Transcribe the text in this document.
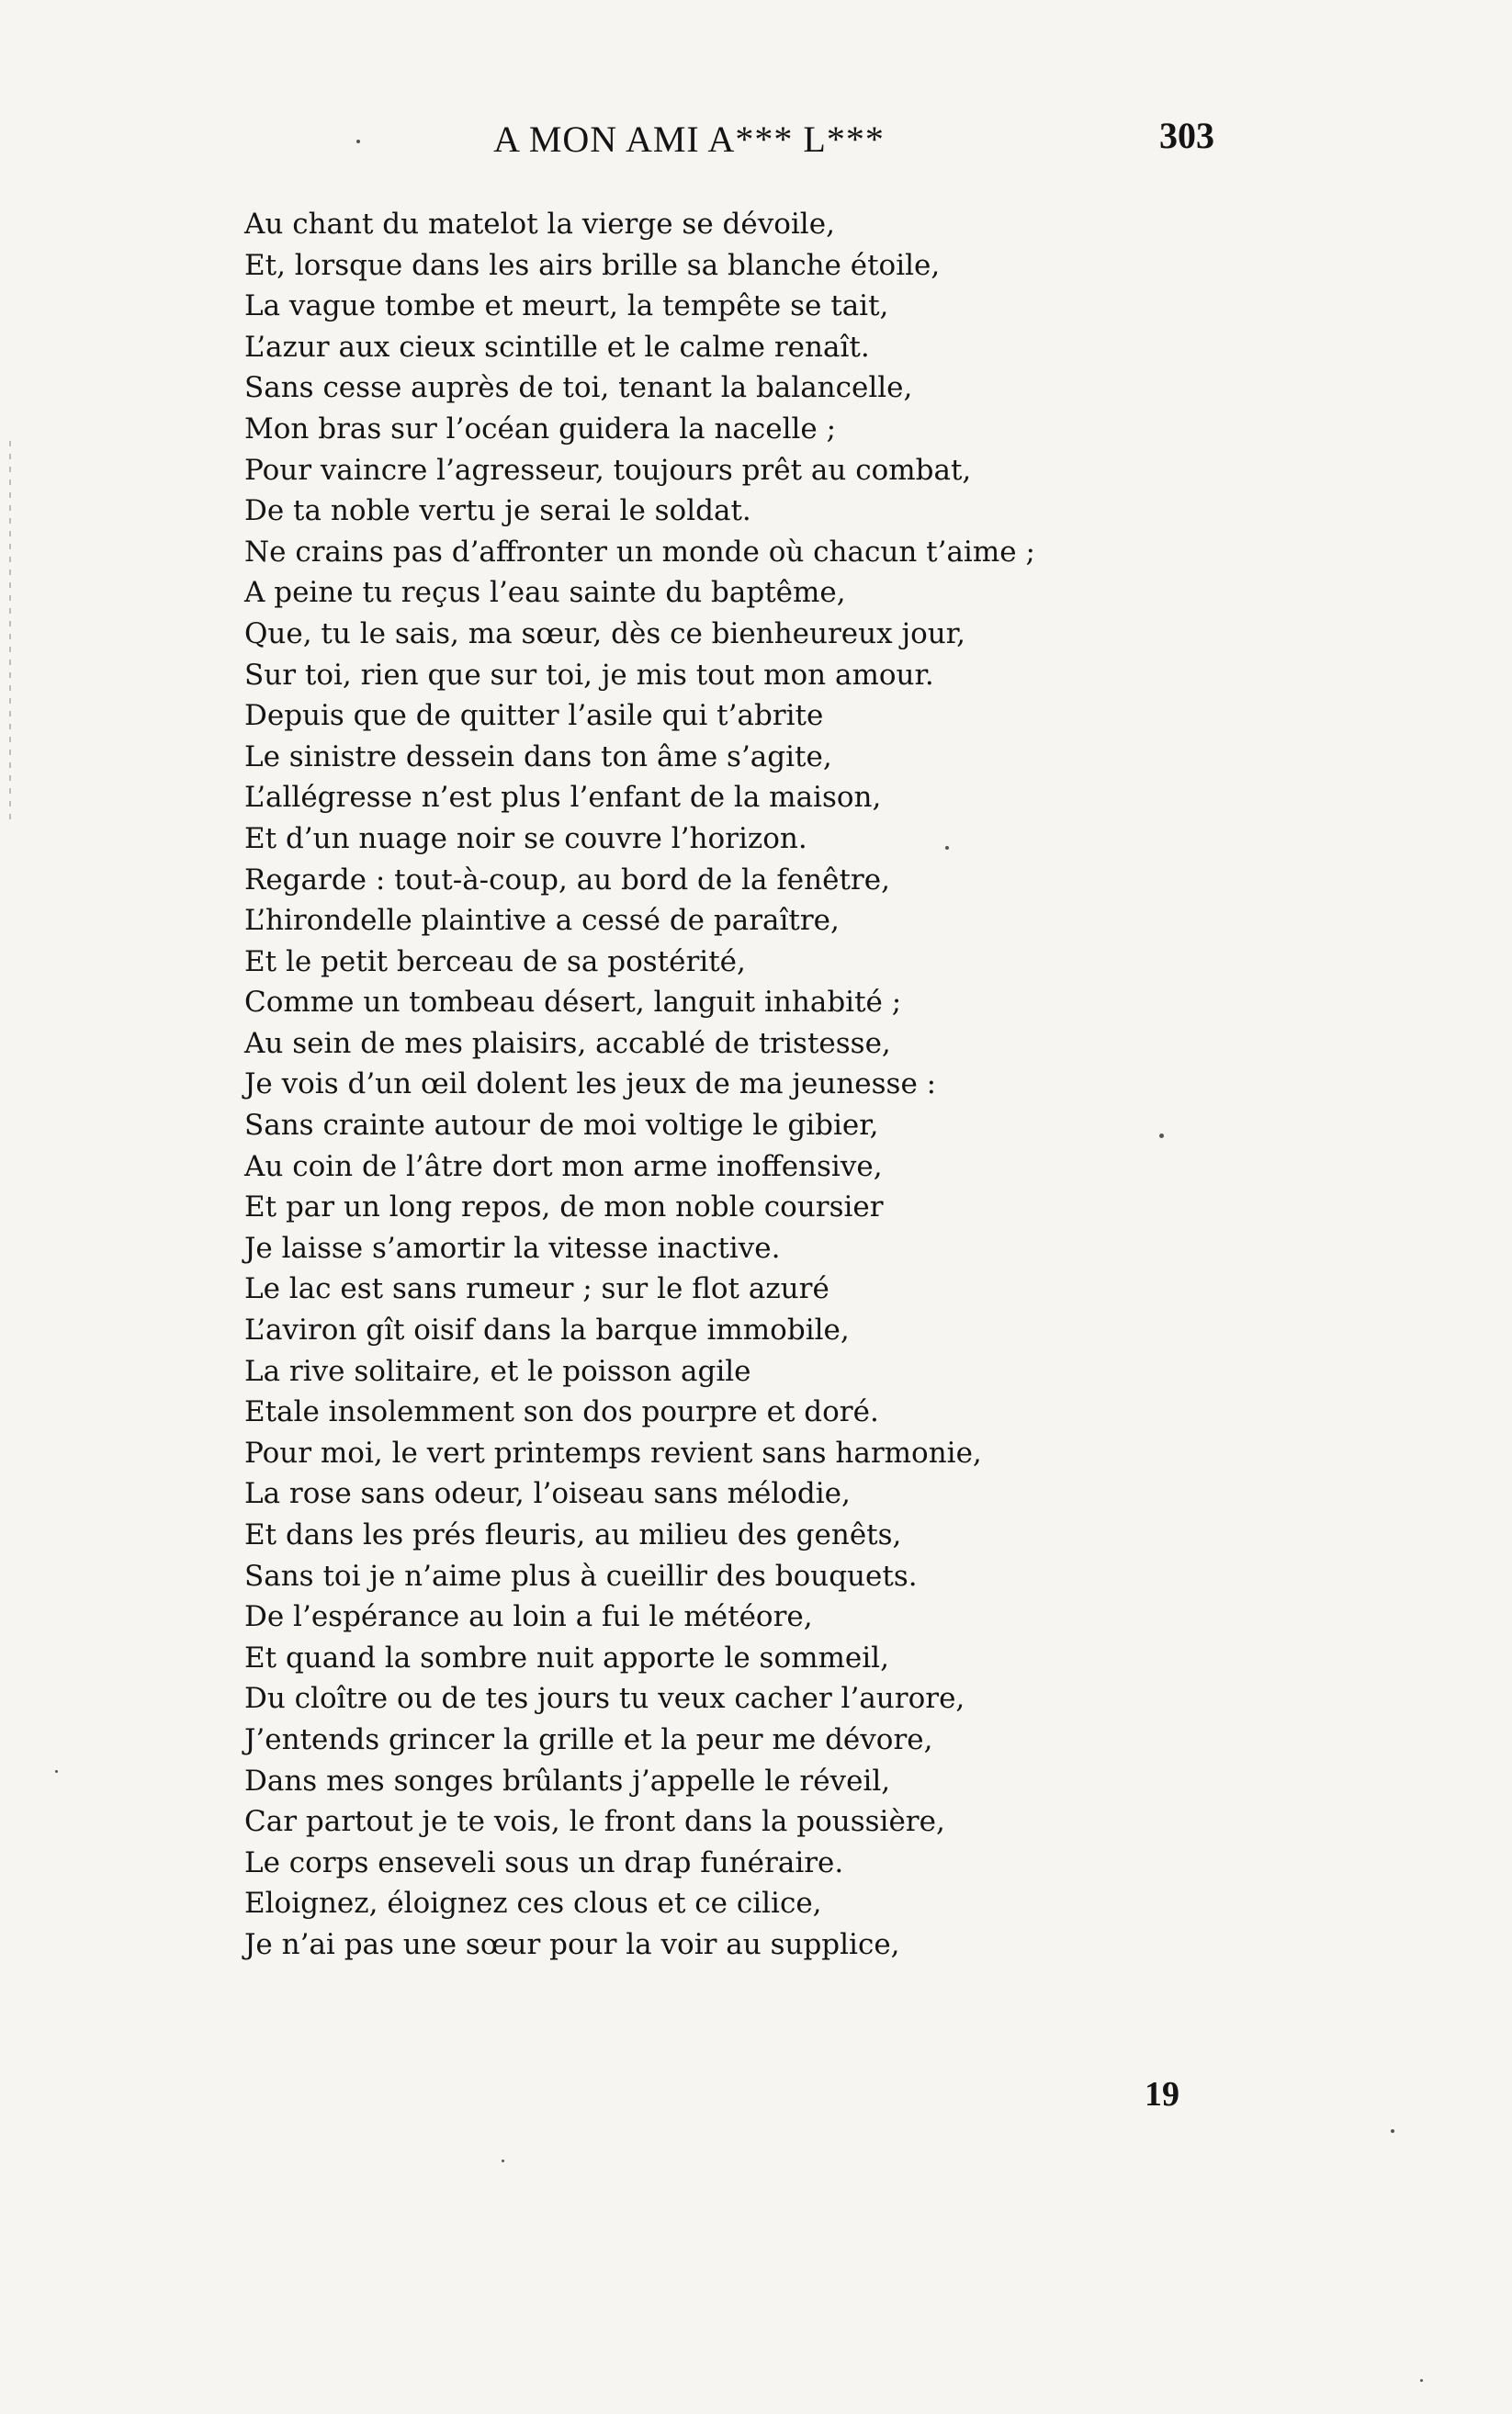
A MON AMI A*** L***	303
Au chant du matelot la vierge se dévoile,
Et, lorsque dans les airs brille sa blanche étoile,
La vague tombe et meurt, la tempête se tait,
L’azur aux cieux scintille et le calme renaît.
Sans cesse auprès de toi, tenant la balancelle,
Mon bras sur l’océan guidera la nacelle ;
Pour vaincre l’agresseur, toujours prêt au combat,
De ta noble vertu je serai le soldat.
Ne crains pas d’affronter un monde où chacun t’aime ;
A peine tu reçus l’eau sainte du baptême,
Que, tu le sais, ma sœur, dès ce bienheureux jour,
Sur toi, rien que sur toi, je mis tout mon amour.
Depuis que de quitter l’asile qui t’abrite
Le sinistre dessein dans ton âme s’agite,
L’allégresse n’est plus l’enfant de la maison,
Et d’un nuage noir se couvre l’horizon.
Regarde : tout-à-coup, au bord de la fenêtre,
L’hirondelle plaintive a cessé de paraître,
Et le petit berceau de sa postérité,
Comme un tombeau désert, languit inhabité ;
Au sein de mes plaisirs, accablé de tristesse,
Je vois d’un œil dolent les jeux de ma jeunesse :
Sans crainte autour de moi voltige le gibier,
Au coin de l’âtre dort mon arme inoffensive,
Et par un long repos, de mon noble coursier
Je laisse s’amortir la vitesse inactive.
Le lac est sans rumeur ; sur le flot azuré
L’aviron gît oisif dans la barque immobile,
La rive solitaire, et le poisson agile
Etale insolemment son dos pourpre et doré.
Pour moi, le vert printemps revient sans harmonie,
La rose sans odeur, l’oiseau sans mélodie,
Et dans les prés fleuris, au milieu des genêts,
Sans toi je n’aime plus à cueillir des bouquets.
De l’espérance au loin a fui le météore,
Et quand la sombre nuit apporte le sommeil,
Du cloître ou de tes jours tu veux cacher l’aurore,
J’entends grincer la grille et la peur me dévore,
Dans mes songes brûlants j’appelle le réveil,
Car partout je te vois, le front dans la poussière,
Le corps enseveli sous un drap funéraire.
Eloignez, éloignez ces clous et ce cilice,
Je n’ai pas une sœur pour la voir au supplice,
19
